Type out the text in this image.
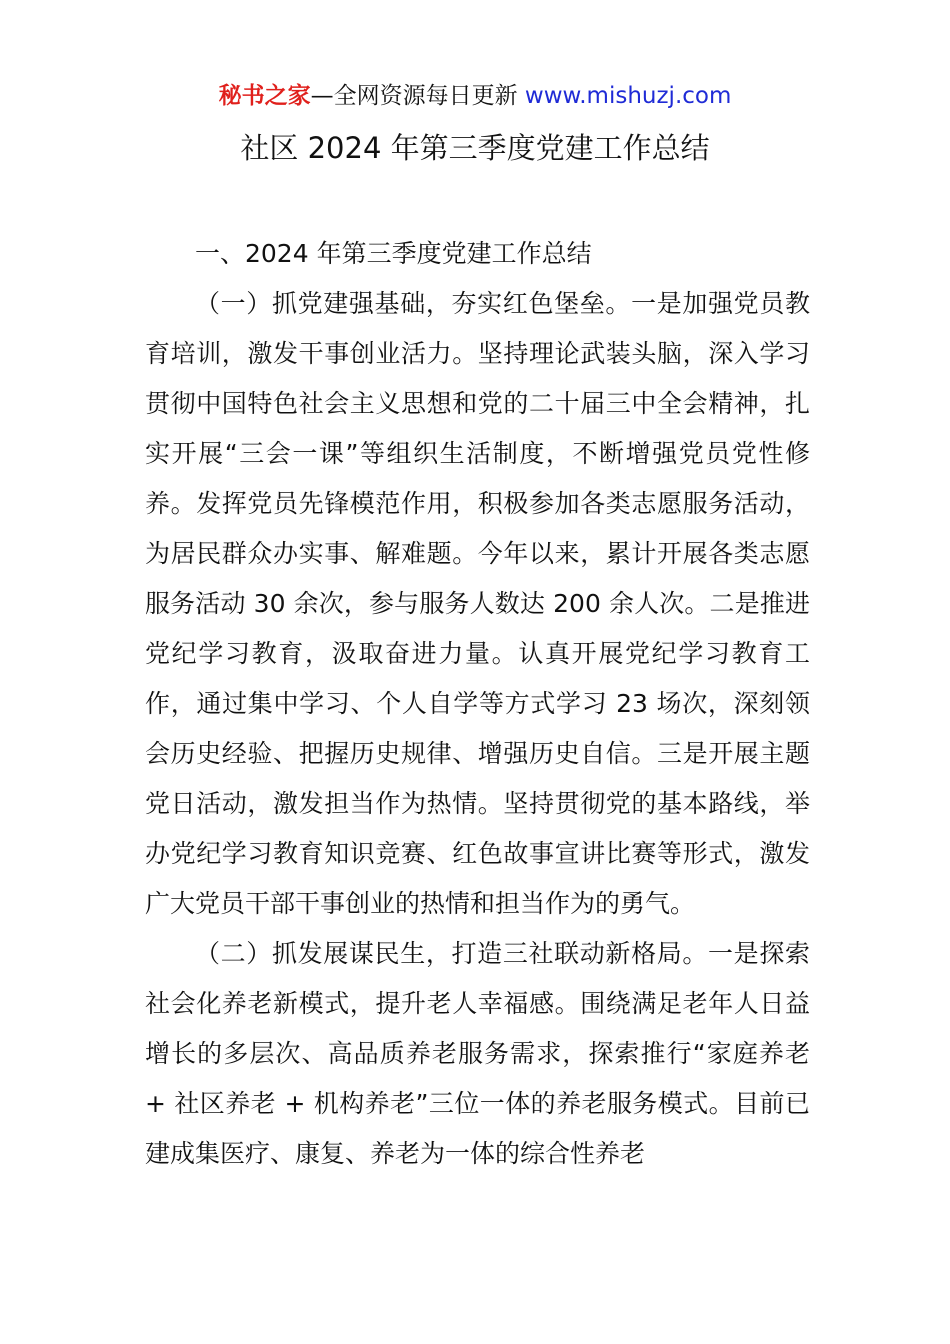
秘书之家—全网资源每日更新 www.mishuzj.com
社区 2024 年第三季度党建工作总结

一、2024 年第三季度党建工作总结

（一）抓党建强基础，夯实红色堡垒。一是加强党员教育培训，激发干事创业活力。坚持理论武装头脑，深入学习贯彻中国特色社会主义思想和党的二十届三中全会精神，扎实开展“三会一课”等组织生活制度，不断增强党员党性修养。发挥党员先锋模范作用，积极参加各类志愿服务活动，为居民群众办实事、解难题。今年以来，累计开展各类志愿服务活动 30 余次，参与服务人数达 200 余人次。二是推进党纪学习教育，汲取奋进力量。认真开展党纪学习教育工作，通过集中学习、个人自学等方式学习 23 场次，深刻领会历史经验、把握历史规律、增强历史自信。三是开展主题党日活动，激发担当作为热情。坚持贯彻党的基本路线，举办党纪学习教育知识竞赛、红色故事宣讲比赛等形式，激发广大党员干部干事创业的热情和担当作为的勇气。

（二）抓发展谋民生，打造三社联动新格局。一是探索社会化养老新模式，提升老人幸福感。围绕满足老年人日益增长的多层次、高品质养老服务需求，探索推行“家庭养老 + 社区养老 + 机构养老”三位一体的养老服务模式。目前已建成集医疗、康复、养老为一体的综合性养老
